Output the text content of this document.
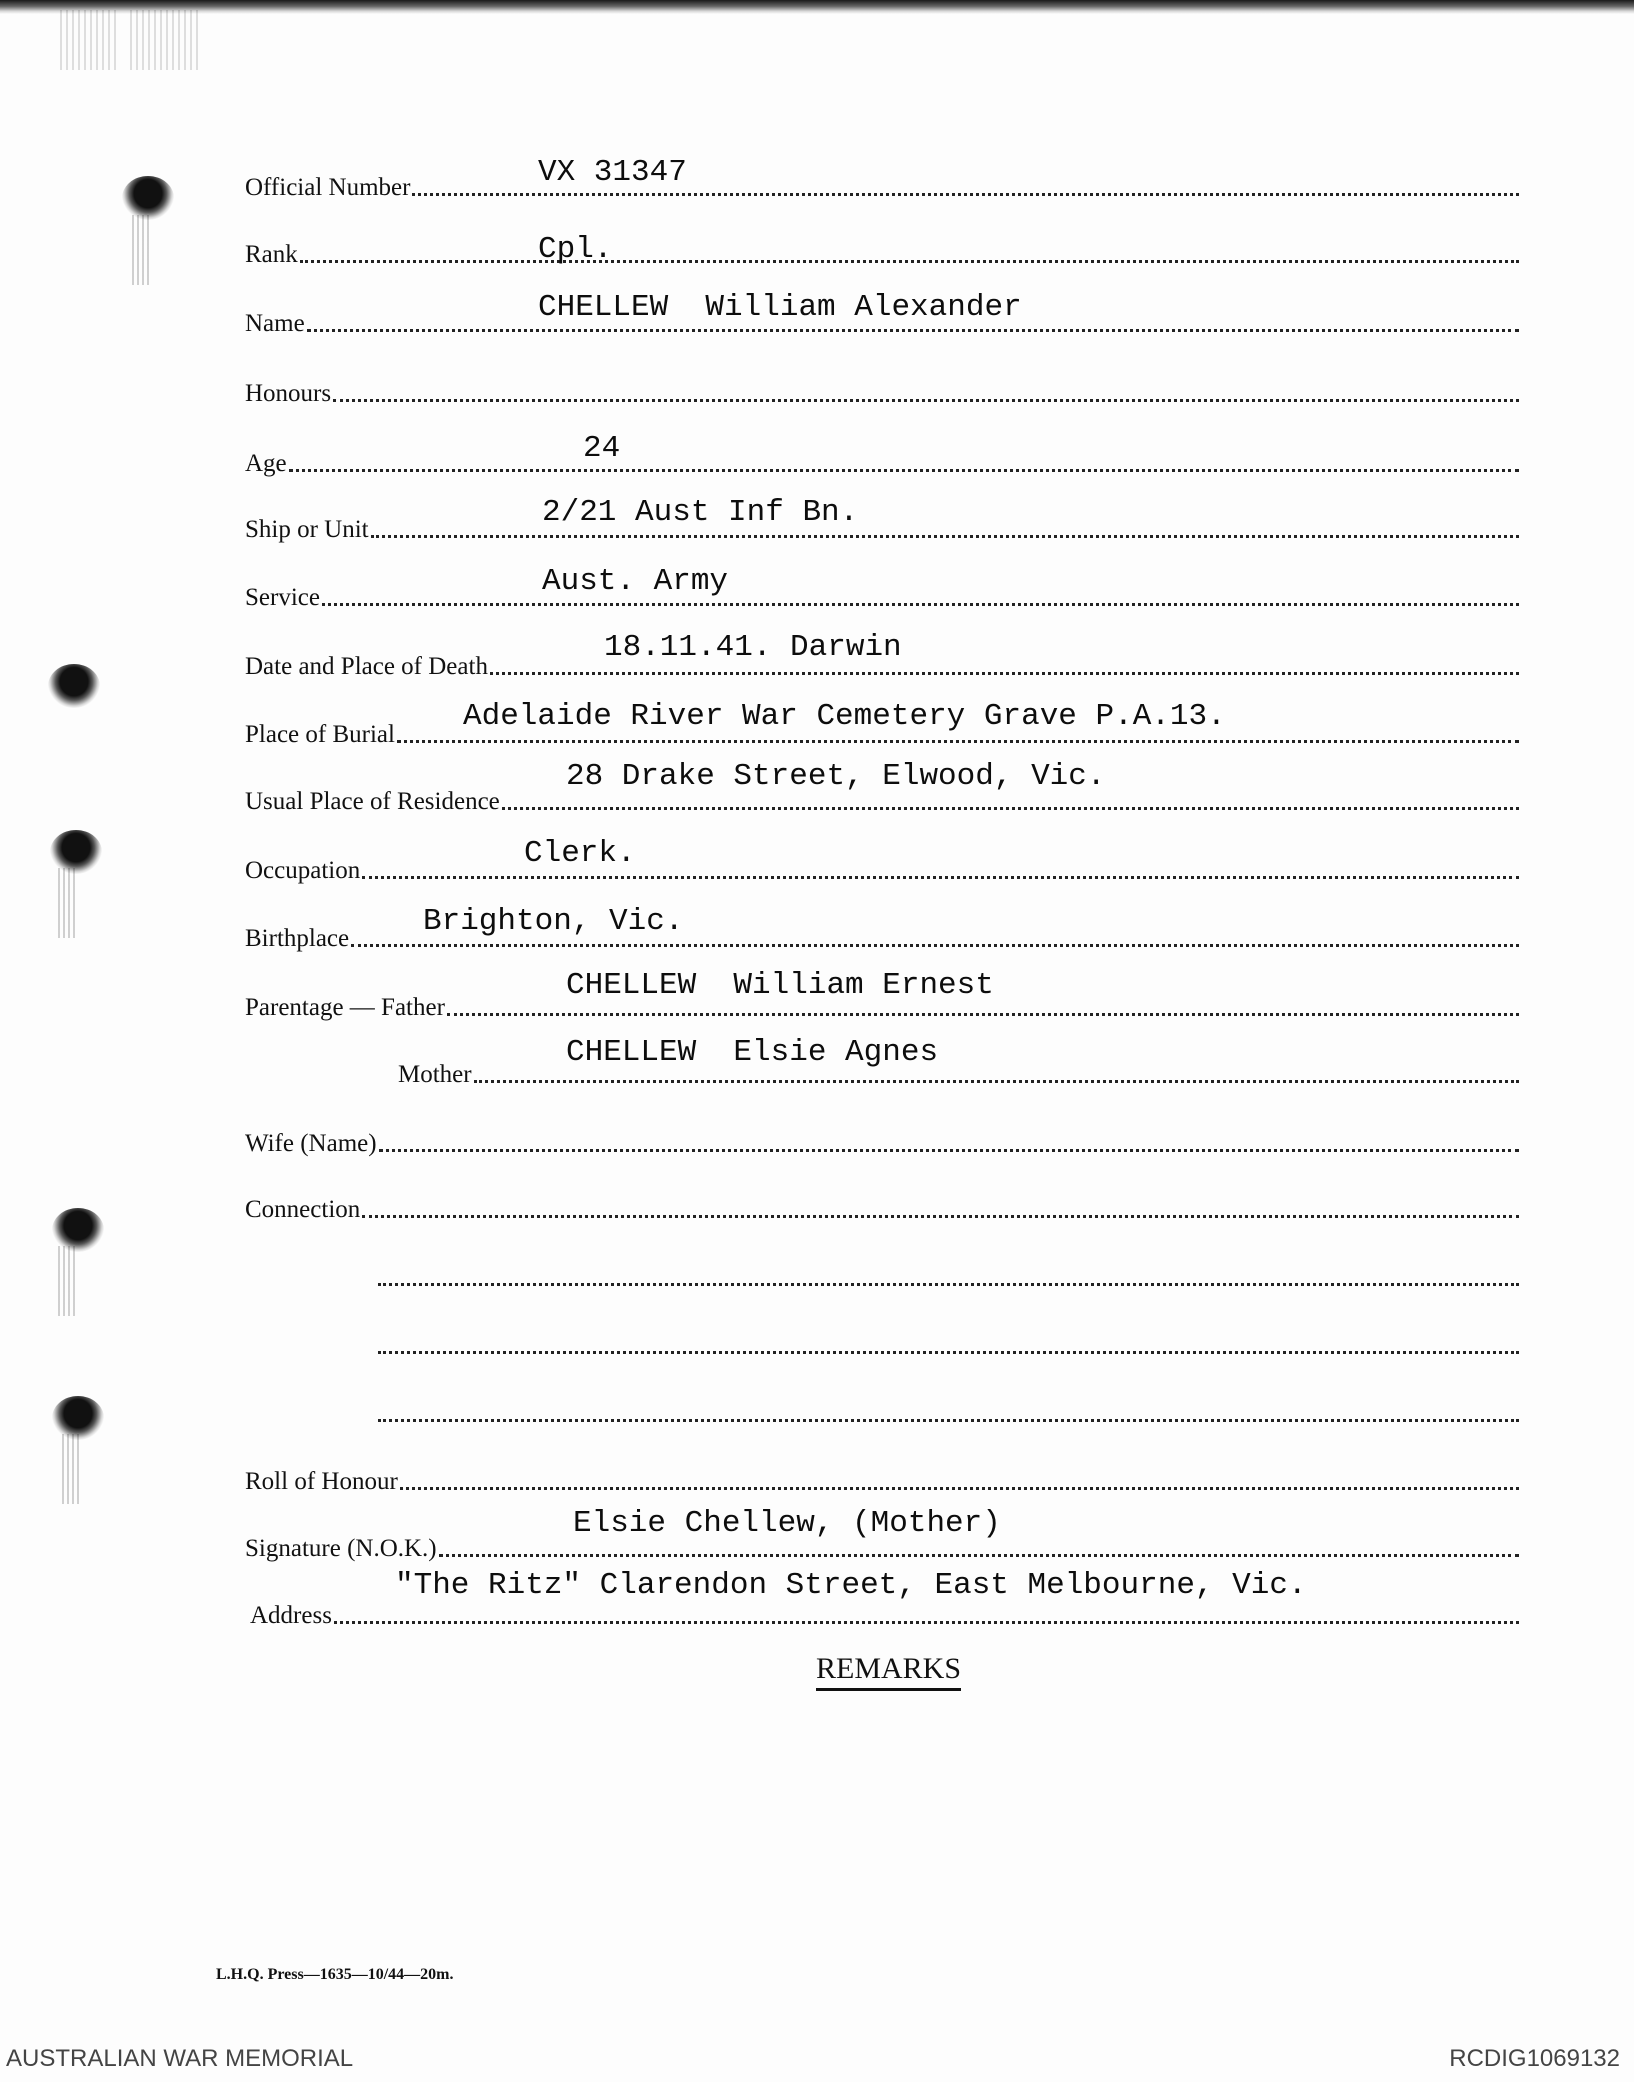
Official Number
Rank
Name
Honours
Age
Ship or Unit
Service
Date and Place of Death
Place of Burial
Usual Place of Residence
Occupation
Birthplace
Parentage — Father
Mother
Wife (Name)
Connection
Roll of Honour
Signature (N.O.K.)
Address
VX 31347
Cpl.
CHELLEW  William Alexander
24
2/21 Aust Inf Bn.
Aust. Army
18.11.41. Darwin
Adelaide River War Cemetery Grave P.A.13.
28 Drake Street, Elwood, Vic.
Clerk.
Brighton, Vic.
CHELLEW  William Ernest
CHELLEW  Elsie Agnes
Elsie Chellew, (Mother)
"The Ritz" Clarendon Street, East Melbourne, Vic.
REMARKS
L.H.Q. Press—1635—10/44—20m.
AUSTRALIAN WAR MEMORIAL	RCDIG1069132
